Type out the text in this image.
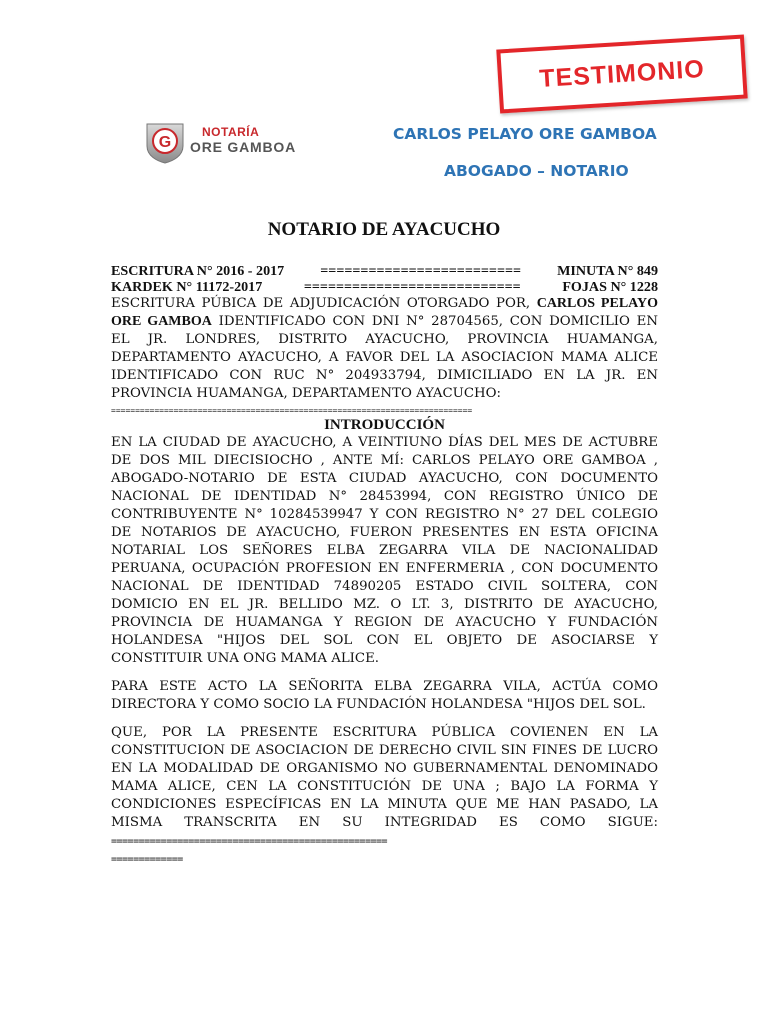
TESTIMONIO
G
NOTARÍA
ORE GAMBOA
CARLOS PELAYO ORE GAMBOA
ABOGADO – NOTARIO
NOTARIO DE AYACUCHO
ESCRITURA N° 2016 - 2017	=========================	MINUTA N° 849
KARDEK N° 11172-2017	===========================	FOJAS N° 1228

ESCRITURA PÚBICA DE ADJUDICACIÓN OTORGADO POR, CARLOS PELAYO ORE GAMBOA IDENTIFICADO CON DNI N° 28704565, CON DOMICILIO EN EL JR. LONDRES, DISTRITO AYACUCHO, PROVINCIA HUAMANGA, DEPARTAMENTO AYACUCHO, A FAVOR DEL LA ASOCIACION MAMA ALICE IDENTIFICADO CON RUC N° 204933794, DIMICILIADO EN LA JR. EN PROVINCIA HUAMANGA, DEPARTAMENTO AYACUCHO:

===========================================================================
INTRODUCCIÓN

EN LA CIUDAD DE AYACUCHO, A VEINTIUNO DÍAS DEL MES DE ACTUBRE DE DOS MIL DIECISIOCHO , ANTE MÍ: CARLOS PELAYO ORE GAMBOA , ABOGADO-NOTARIO DE ESTA CIUDAD AYACUCHO, CON DOCUMENTO NACIONAL DE IDENTIDAD N° 28453994, CON REGISTRO ÚNICO DE CONTRIBUYENTE N° 10284539947 Y CON REGISTRO N° 27 DEL COLEGIO DE NOTARIOS DE AYACUCHO, FUERON PRESENTES EN ESTA OFICINA NOTARIAL LOS SEÑORES ELBA ZEGARRA VILA DE NACIONALIDAD PERUANA, OCUPACIÓN PROFESION EN ENFERMERIA , CON DOCUMENTO NACIONAL DE IDENTIDAD 74890205 ESTADO CIVIL SOLTERA, CON DOMICIO EN EL JR. BELLIDO MZ. O LT. 3, DISTRITO DE AYACUCHO, PROVINCIA DE HUAMANGA Y REGION DE AYACUCHO Y FUNDACIÓN HOLANDESA "HIJOS DEL SOL CON EL OBJETO DE ASOCIARSE Y CONSTITUIR UNA ONG MAMA ALICE.

PARA ESTE ACTO LA SEÑORITA ELBA ZEGARRA VILA, ACTÚA COMO DIRECTORA Y COMO SOCIO LA FUNDACIÓN HOLANDESA "HIJOS DEL SOL.

QUE, POR LA PRESENTE ESCRITURA PÚBLICA COVIENEN EN LA CONSTITUCION DE ASOCIACION DE DERECHO CIVIL SIN FINES DE LUCRO EN LA MODALIDAD DE ORGANISMO NO GUBERNAMENTAL DENOMINADO MAMA ALICE, CEN LA CONSTITUCIÓN DE UNA ; BAJO LA FORMA Y CONDICIONES ESPECÍFICAS EN LA MINUTA QUE ME HAN PASADO, LA MISMA TRANSCRITA EN SU INTEGRIDAD ES COMO SIGUE: ==================================================

=============
